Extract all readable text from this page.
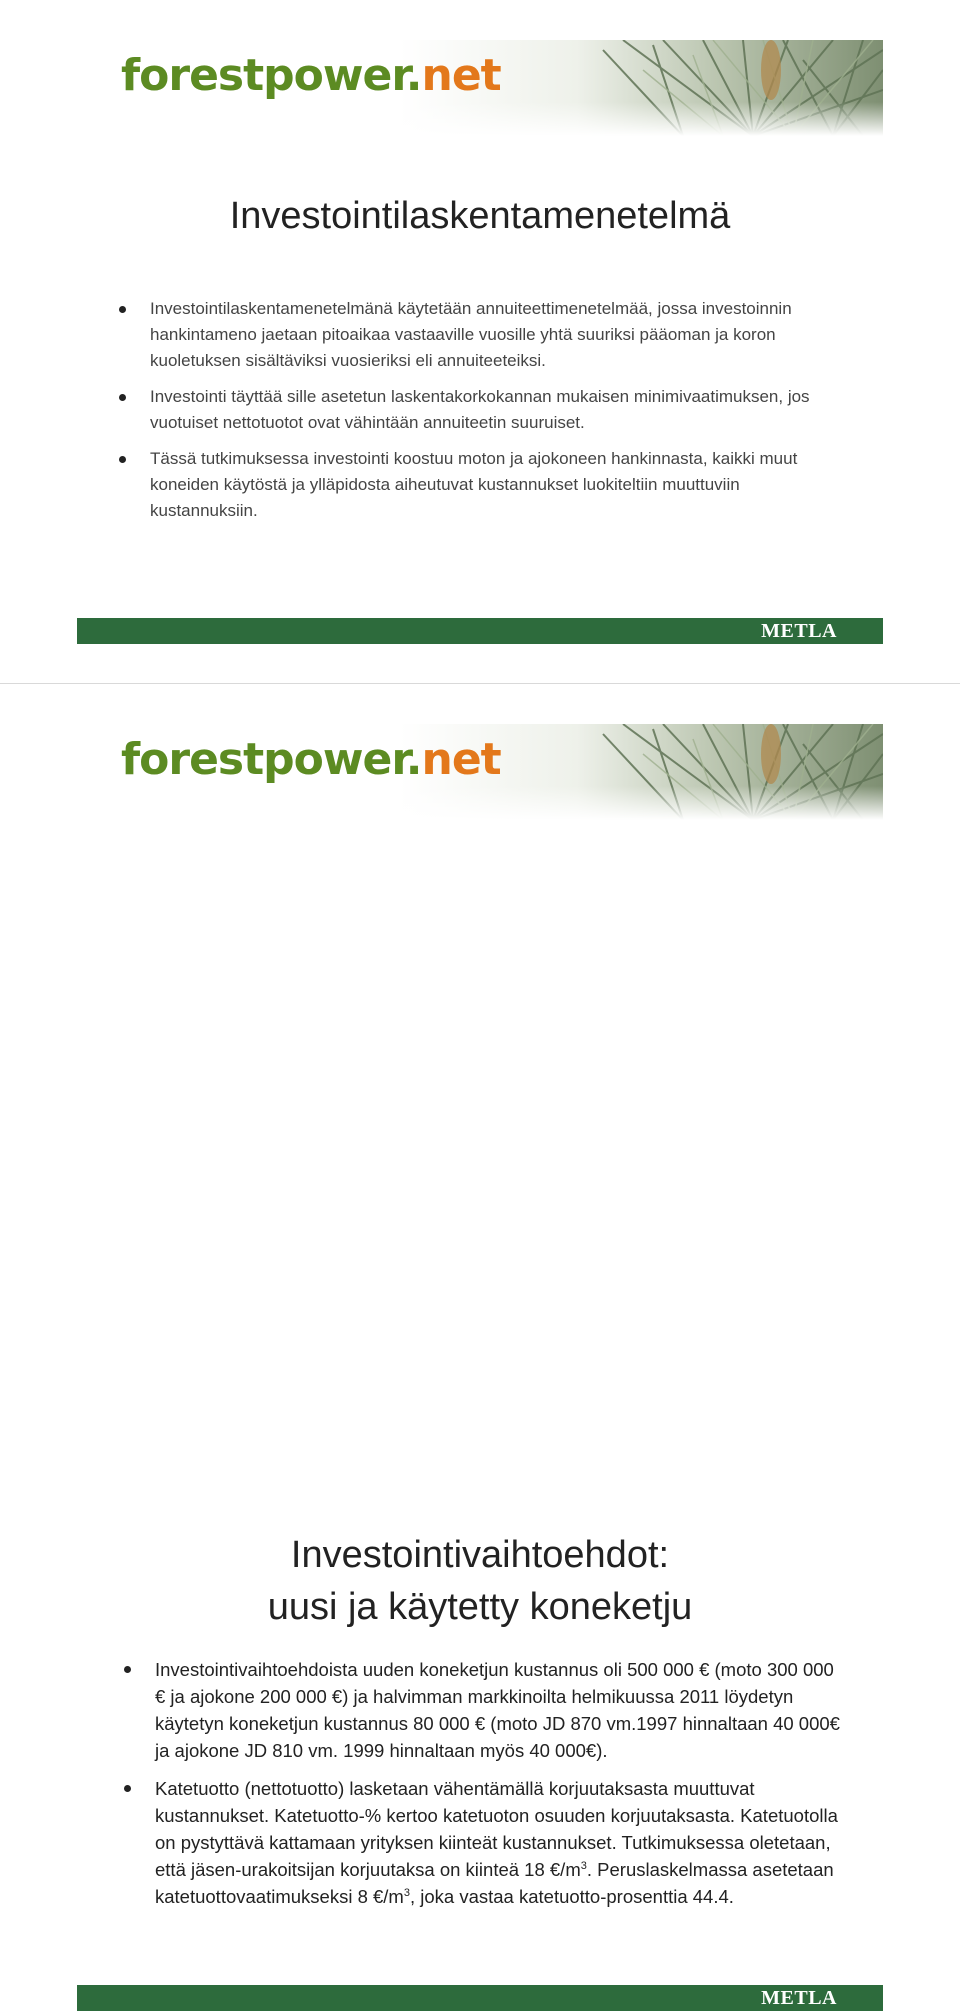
forestpower.net
Investointilaskentamenetelmä
Investointilaskentamenetelmänä käytetään annuiteettimenetelmää, jossa investoinnin hankintameno jaetaan pitoaikaa vastaaville vuosille yhtä suuriksi pääoman ja koron kuoletuksen sisältäviksi vuosieriksi eli annuiteeteiksi.
Investointi täyttää sille asetetun laskentakorkokannan mukaisen minimivaatimuksen, jos vuotuiset nettotuotot ovat vähintään annuiteetin suuruiset.
Tässä tutkimuksessa investointi koostuu moton ja ajokoneen hankinnasta, kaikki muut koneiden käytöstä ja ylläpidosta aiheutuvat kustannukset luokiteltiin muuttuviin kustannuksiin.
METLA
forestpower.net
Investointivaihtoehdot:
uusi ja käytetty koneketju
Investointivaihtoehdoista uuden koneketjun kustannus oli 500 000 € (moto 300 000 € ja ajokone 200 000 €) ja halvimman markkinoilta helmikuussa 2011 löydetyn käytetyn koneketjun kustannus 80 000 € (moto JD 870 vm.1997 hinnaltaan 40 000€ ja ajokone JD 810 vm. 1999 hinnaltaan myös 40 000€).
Katetuotto (nettotuotto) lasketaan vähentämällä korjuutaksasta muuttuvat kustannukset. Katetuotto-% kertoo katetuoton osuuden korjuutaksasta. Katetuotolla on pystyttävä kattamaan yrityksen kiinteät kustannukset. Tutkimuksessa oletetaan, että jäsen-urakoitsijan korjuutaksa on kiinteä 18 $€/m^3$. Peruslaskelmassa asetetaan katetuottovaatimukseksi 8 $€/m^3$, joka vastaa katetuotto-prosenttia 44.4.
METLA
